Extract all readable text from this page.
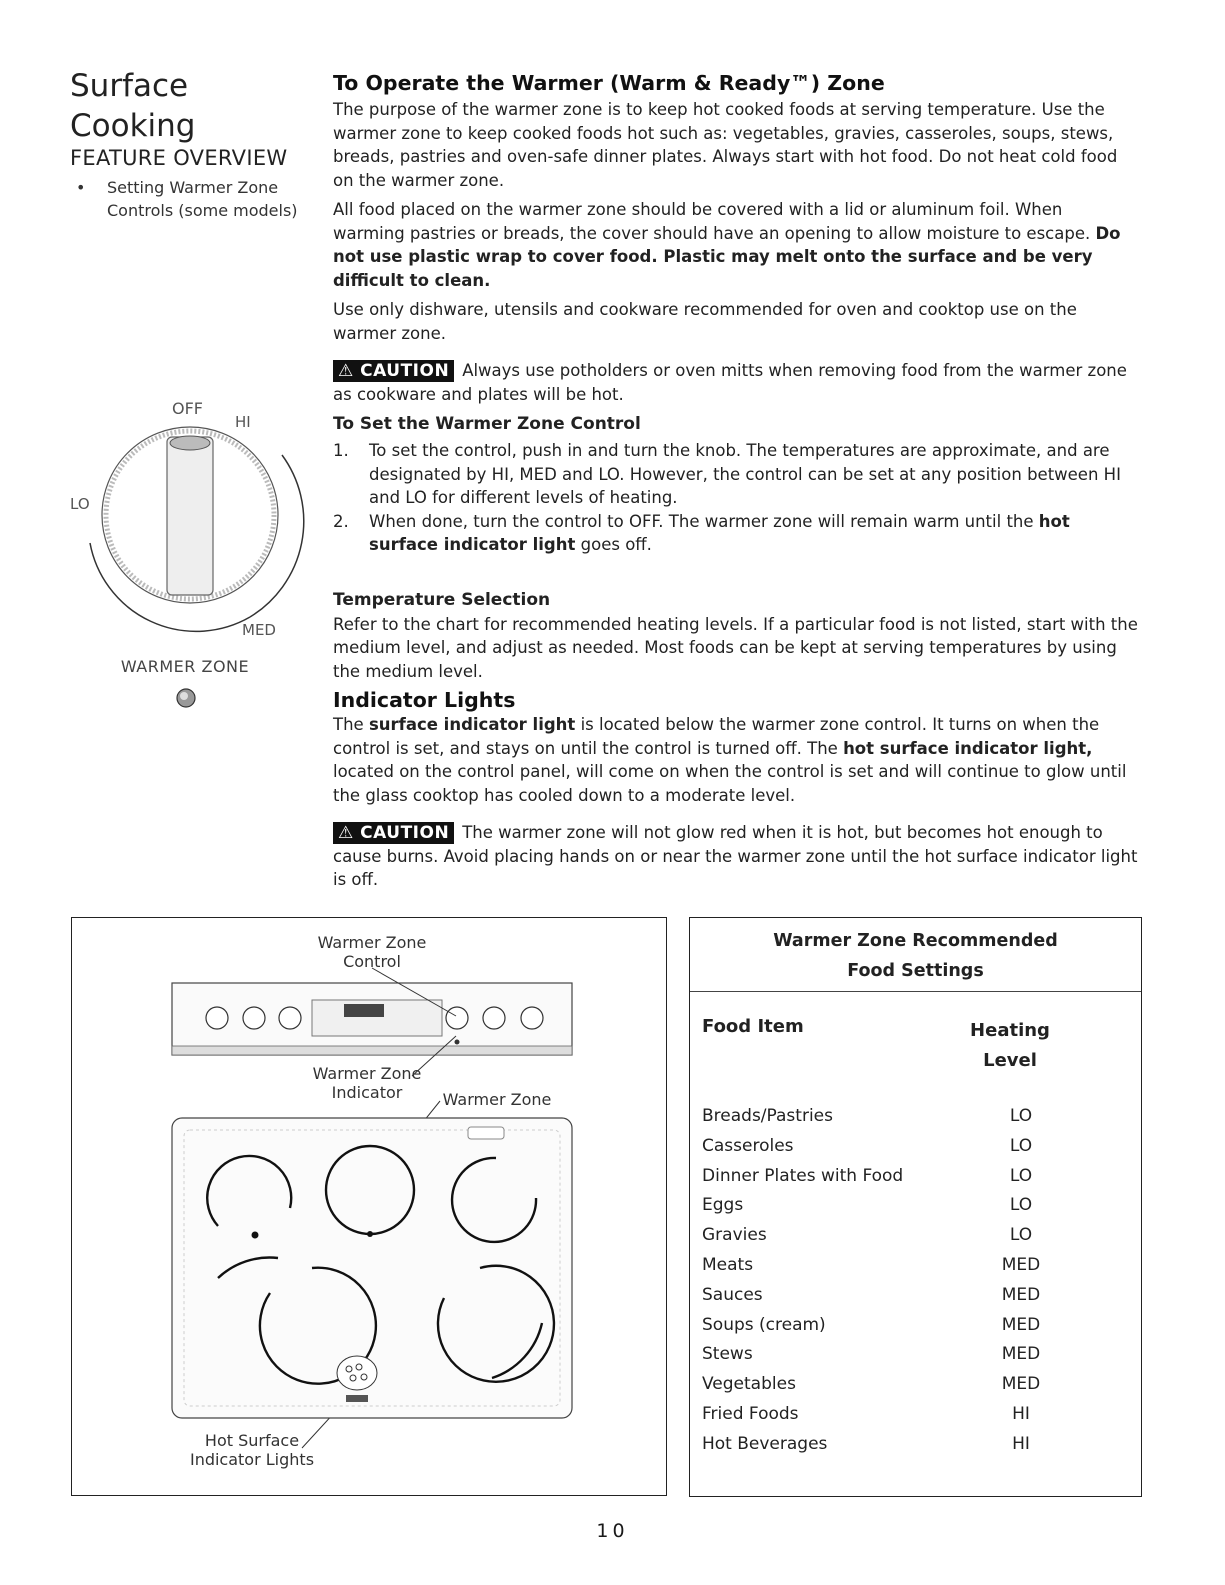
Surface
Cooking
FEATURE OVERVIEW
• Setting Warmer Zone Controls (some models)
OFF
HI
LO
MED
WARMER ZONE
To Operate the Warmer (Warm & Ready™) Zone

The purpose of the warmer zone is to keep hot cooked foods at serving temperature. Use the warmer zone to keep cooked foods hot such as: vegetables, gravies, casseroles, soups, stews, breads, pastries and oven-safe dinner plates. Always start with hot food. Do not heat cold food on the warmer zone.

All food placed on the warmer zone should be covered with a lid or aluminum foil. When warming pastries or breads, the cover should have an opening to allow moisture to escape. Do not use plastic wrap to cover food. Plastic may melt onto the surface and be very difficult to clean.

Use only dishware, utensils and cookware recommended for oven and cooktop use on the warmer zone.

⚠ CAUTION Always use potholders or oven mitts when removing food from the warmer zone as cookware and plates will be hot.

To Set the Warmer Zone Control
1. To set the control, push in and turn the knob. The temperatures are approximate, and are designated by HI, MED and LO. However, the control can be set at any position between HI and LO for different levels of heating.
2. When done, turn the control to OFF. The warmer zone will remain warm until the hot surface indicator light goes off.
Temperature Selection

Refer to the chart for recommended heating levels. If a particular food is not listed, start with the medium level, and adjust as needed. Most foods can be kept at serving temperatures by using the medium level.

Indicator Lights

The surface indicator light is located below the warmer zone control. It turns on when the control is set, and stays on until the control is turned off. The hot surface indicator light, located on the control panel, will come on when the control is set and will continue to glow until the glass cooktop has cooled down to a moderate level.

⚠ CAUTION The warmer zone will not glow red when it is hot, but becomes hot enough to cause burns. Avoid placing hands on or near the warmer zone until the hot surface indicator light is off.

Warmer Zone Control
Warmer Zone Indicator	Warmer Zone
Hot Surface Indicator Lights
Warmer Zone Recommended
Food Settings
Food Item	Heating
Level
Breads/Pastries	LO
Casseroles	LO
Dinner Plates with Food	LO
Eggs	LO
Gravies	LO
Meats	MED
Sauces	MED
Soups (cream)	MED
Stews	MED
Vegetables	MED
Fried Foods	HI
Hot Beverages	HI
10
